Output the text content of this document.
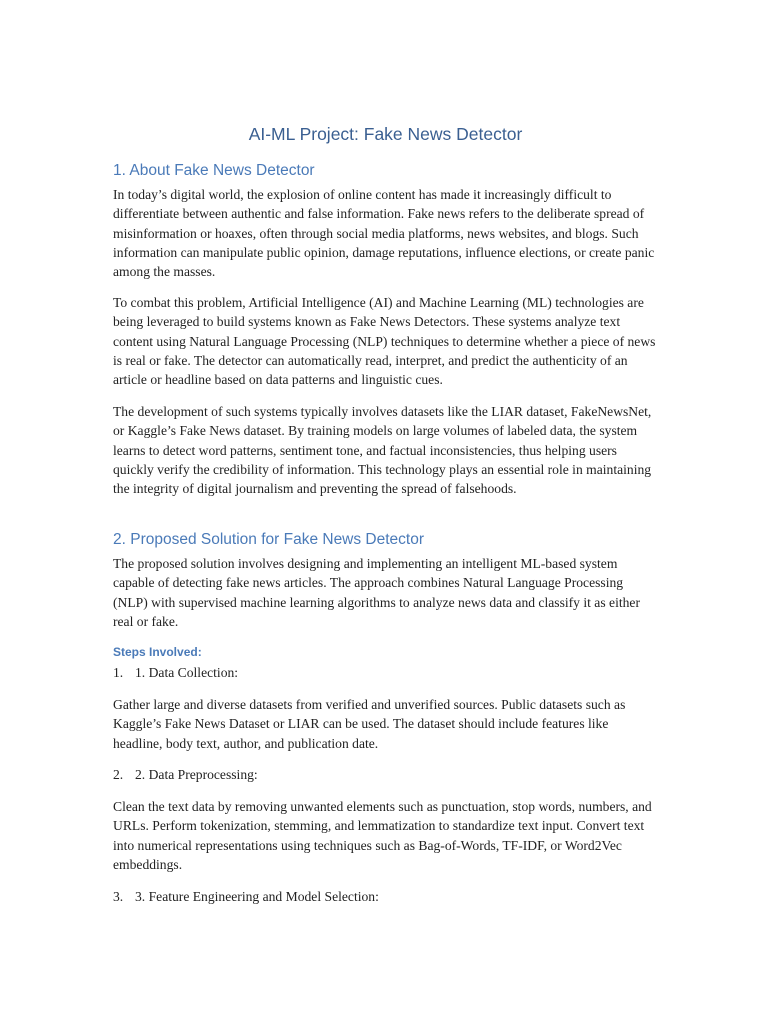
AI-ML Project: Fake News Detector
1. About Fake News Detector

In today’s digital world, the explosion of online content has made it increasingly difficult to differentiate between authentic and false information. Fake news refers to the deliberate spread of misinformation or hoaxes, often through social media platforms, news websites, and blogs. Such information can manipulate public opinion, damage reputations, influence elections, or create panic among the masses.

To combat this problem, Artificial Intelligence (AI) and Machine Learning (ML) technologies are being leveraged to build systems known as Fake News Detectors. These systems analyze text content using Natural Language Processing (NLP) techniques to determine whether a piece of news is real or fake. The detector can automatically read, interpret, and predict the authenticity of an article or headline based on data patterns and linguistic cues.

The development of such systems typically involves datasets like the LIAR dataset, FakeNewsNet, or Kaggle’s Fake News dataset. By training models on large volumes of labeled data, the system learns to detect word patterns, sentiment tone, and factual inconsistencies, thus helping users quickly verify the credibility of information. This technology plays an essential role in maintaining the integrity of digital journalism and preventing the spread of falsehoods.

2. Proposed Solution for Fake News Detector

The proposed solution involves designing and implementing an intelligent ML-based system capable of detecting fake news articles. The approach combines Natural Language Processing (NLP) with supervised machine learning algorithms to analyze news data and classify it as either real or fake.

Steps Involved:
1. 1. Data Collection:

Gather large and diverse datasets from verified and unverified sources. Public datasets such as Kaggle’s Fake News Dataset or LIAR can be used. The dataset should include features like headline, body text, author, and publication date.

2. 2. Data Preprocessing:

Clean the text data by removing unwanted elements such as punctuation, stop words, numbers, and URLs. Perform tokenization, stemming, and lemmatization to standardize text input. Convert text into numerical representations using techniques such as Bag-of-Words, TF-IDF, or Word2Vec embeddings.

3. 3. Feature Engineering and Model Selection:
